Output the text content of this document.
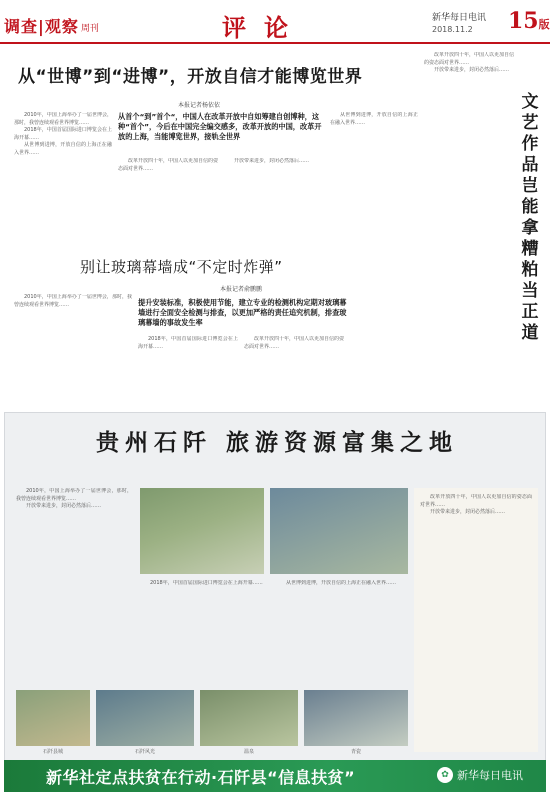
调查|观察 周刊	评论	新华每日电讯
2018.11.2 15版
从“世博”到“进博”，开放自信才能博览世界
本报记者杨依依
从首个“到”首个“，中国人在改革开放中自如筹建自创博种，这种“首个”，今后在中国完全编交感多，改革开放的中国，改革开放的上海，当能博览世界，接轨全世界

2010年，中国上海举办了一届世博会，那时，我曾连续观看世界博览……

2018年，中国首届国际进口博览会在上海开幕……

从世博到进博，开放自信的上海正在融入世界……

改革开放四十年，中国人以更加自信的姿态面对世界……

开放带来进步，封闭必然落后……

从世博到进博，开放自信的上海正在融入世界……

改革开放四十年，中国人以更加自信的姿态面对世界……

开放带来进步，封闭必然落后……

文艺作品岂能拿糟粕当正道
别让玻璃幕墙成“不定时炸弹”
本报记者俞鹏鹏
提升安装标准，积极使用节能，建立专业的检测机构定期对玻璃幕墙进行全面安全检测与排查，以更加严格的责任追究机制，排查玻璃幕墙的事故发生率

2010年，中国上海举办了一届世博会，那时，我曾连续观看世界博览……

2018年，中国首届国际进口博览会在上海开幕……

改革开放四十年，中国人以更加自信的姿态面对世界……

贵州石阡 旅游资源富集之地

2010年，中国上海举办了一届世博会，那时，我曾连续观看世界博览……

开放带来进步，封闭必然落后……

2018年，中国首届国际进口博览会在上海开幕……	从世博到进博，开放自信的上海正在融入世界……

改革开放四十年，中国人以更加自信的姿态面对世界……

开放带来进步，封闭必然落后……

石阡县城	石阡风光	温泉	青瓷
新华社定点扶贫在行动·石阡县“信息扶贫”	✿ 新华每日电讯
